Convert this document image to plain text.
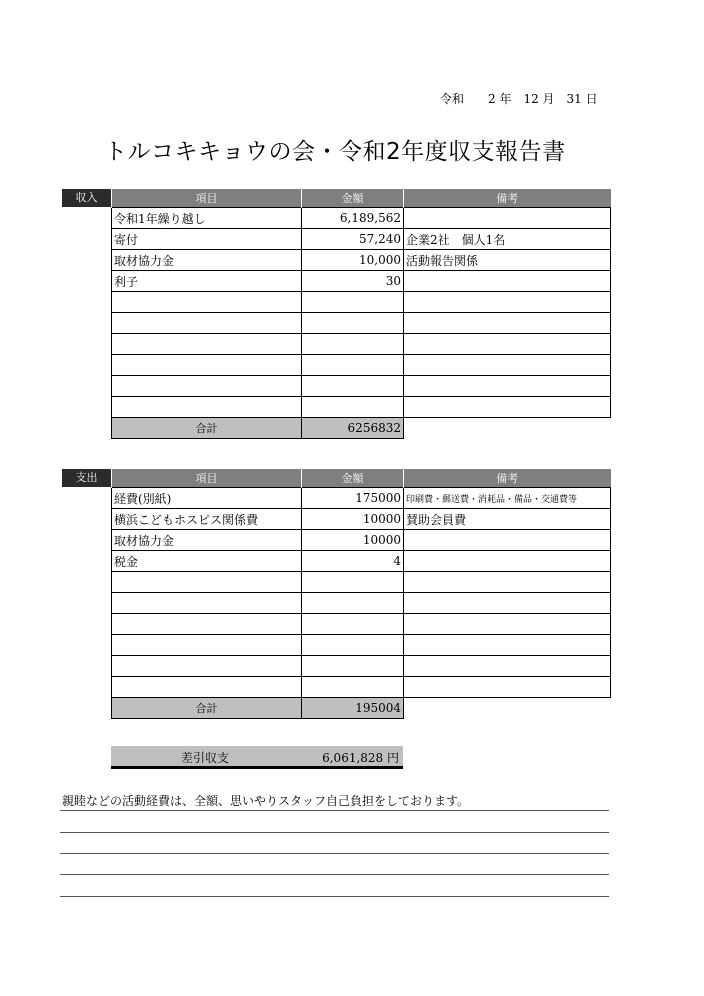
令和　　2 年　12 月　31 日
トルコキキョウの会・令和2年度収支報告書
収入	項目	金額	備考
令和1年繰り越し	6,189,562	
寄付	57,240	企業2社　個人1名
取材協力金	10,000	活動報告関係
利子	30	

合計	6256832	
支出	項目	金額	備考
経費(別紙)	175000	印刷費・郵送費・消耗品・備品・交通費等
横浜こどもホスピス関係費	10000	賛助会員費
取材協力金	10000	
税金	4	

合計	195004	
差引収支	6,061,828 円
親睦などの活動経費は、全額、思いやりスタッフ自己負担をしております。
